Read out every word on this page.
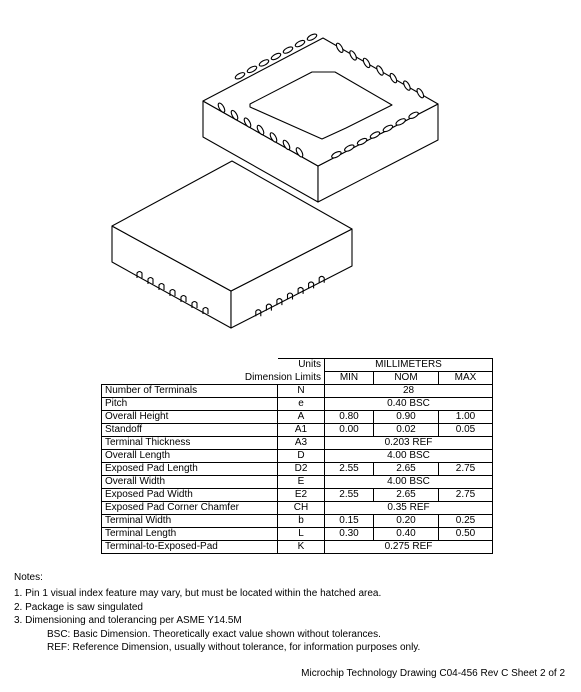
	Units	MILLIMETERS		
Dimension Limits		MIN	NOM	MAX
Number of Terminals	N	28		
Pitch	e	0.40 BSC		
Overall Height	A	0.80	0.90	1.00
Standoff	A1	0.00	0.02	0.05
Terminal Thickness	A3	0.203 REF		
Overall Length	D	4.00 BSC		
Exposed Pad Length	D2	2.55	2.65	2.75
Overall Width	E	4.00 BSC		
Exposed Pad Width	E2	2.55	2.65	2.75
Exposed Pad Corner Chamfer	CH	0.35 REF		
Terminal Width	b	0.15	0.20	0.25
Terminal Length	L	0.30	0.40	0.50
Terminal-to-Exposed-Pad	K	0.275 REF		
Notes:
1. Pin 1 visual index feature may vary, but must be located within the hatched area.
2. Package is saw singulated
3. Dimensioning and tolerancing per ASME Y14.5M
BSC: Basic Dimension. Theoretically exact value shown without tolerances.
REF: Reference Dimension, usually without tolerance, for information purposes only.
Microchip Technology Drawing C04-456 Rev C Sheet 2 of 2
